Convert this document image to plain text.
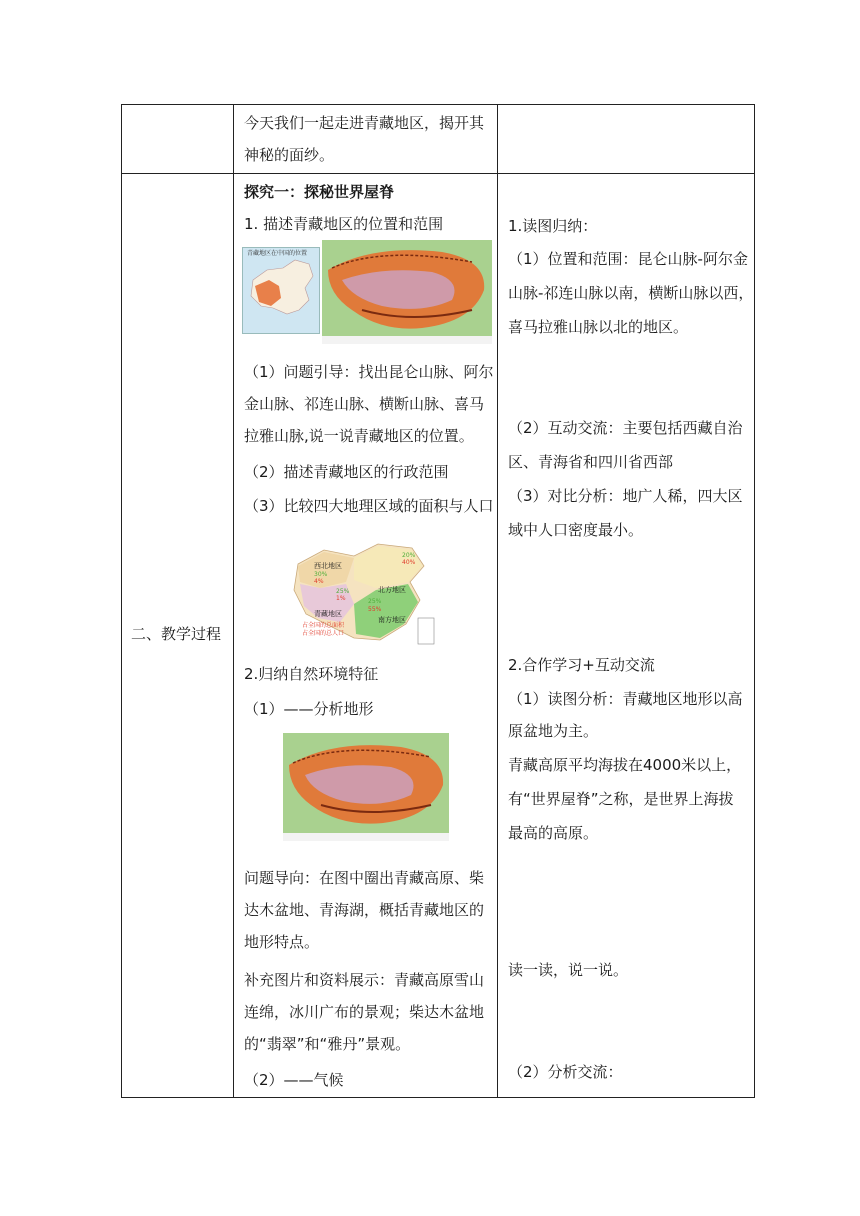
今天我们一起走进青藏地区，揭开其
神秘的面纱。
二、教学过程
探究一：探秘世界屋脊
1. 描述青藏地区的位置和范围
青藏地区在中国的位置
（1）问题引导：找出昆仑山脉、阿尔
金山脉、祁连山脉、横断山脉、喜马
拉雅山脉,说一说青藏地区的位置。
（2）描述青藏地区的行政范围
（3）比较四大地理区域的面积与人口
西北地区
30%
4%
青藏地区
25%
1%
北方地区
20%
40%
南方地区
25%
55%
占全国的总面积
占全国的总人口
2.归纳自然环境特征
（1）——分析地形
问题导向：在图中圈出青藏高原、柴
达木盆地、青海湖，概括青藏地区的
地形特点。
补充图片和资料展示：青藏高原雪山
连绵，冰川广布的景观；柴达木盆地
的“翡翠”和“雅丹”景观。
（2）——气候
1.读图归纳：
（1）位置和范围：昆仑山脉-阿尔金
山脉-祁连山脉以南，横断山脉以西，
喜马拉雅山脉以北的地区。
（2）互动交流：主要包括西藏自治
区、青海省和四川省西部
（3）对比分析：地广人稀，四大区
域中人口密度最小。
2.合作学习+互动交流
（1）读图分析：青藏地区地形以高
原盆地为主。
青藏高原平均海拔在4000米以上，
有“世界屋脊”之称，是世界上海拔
最高的高原。
读一读，说一说。
（2）分析交流：
